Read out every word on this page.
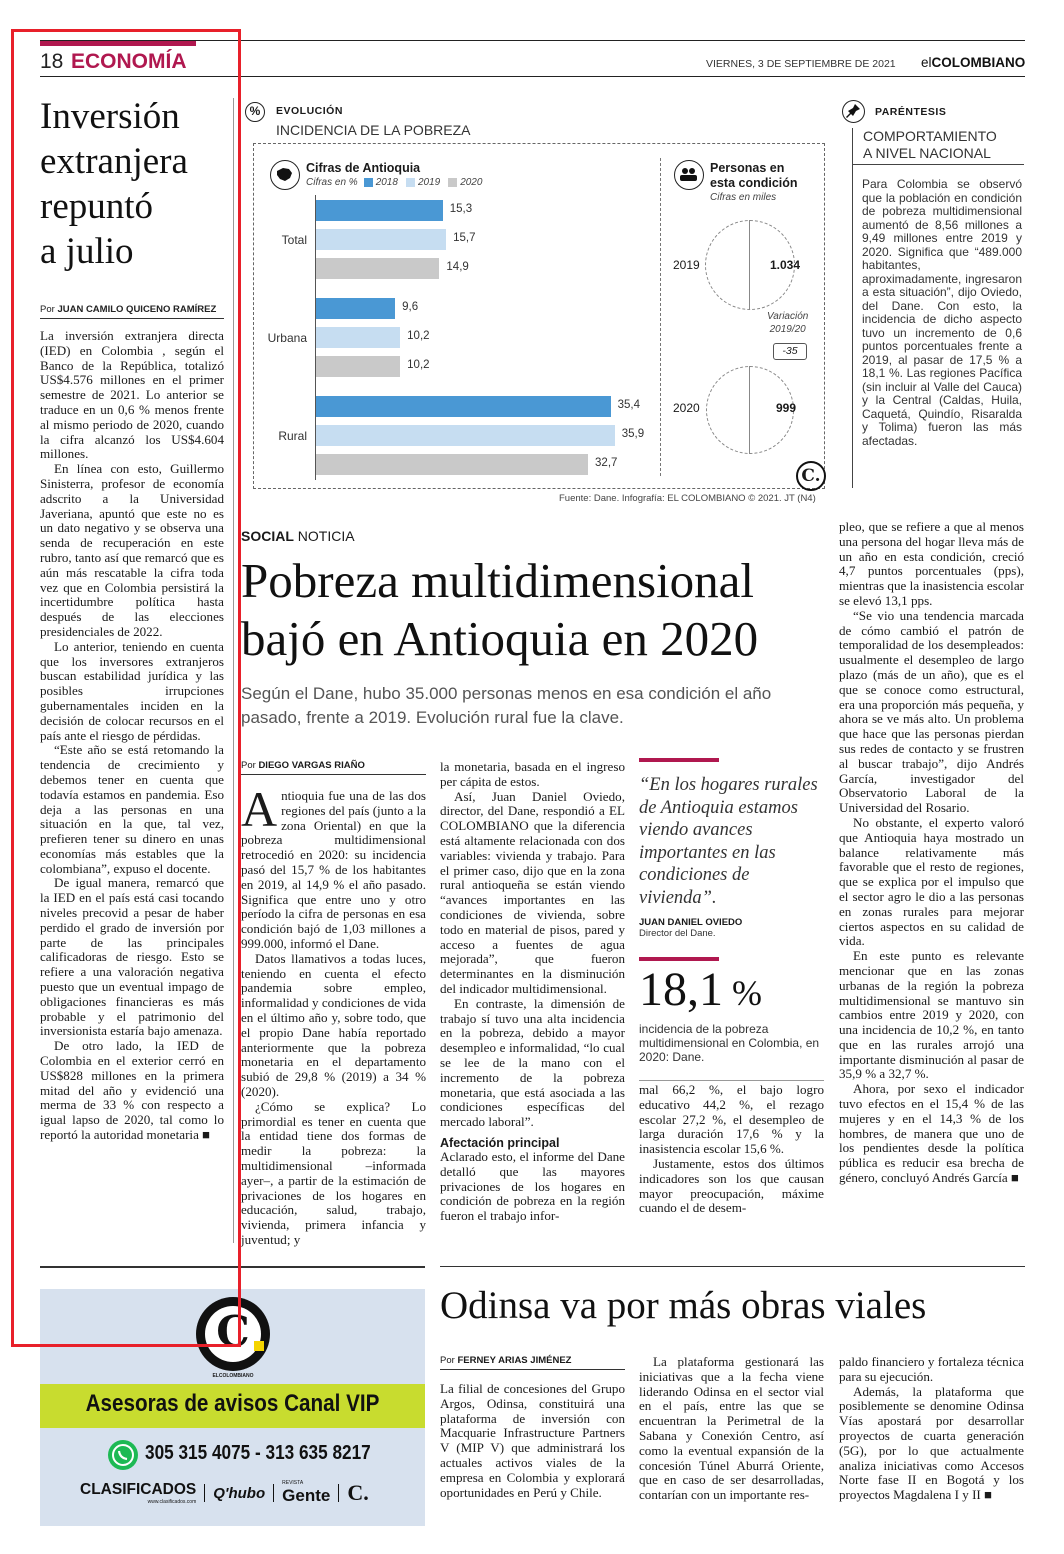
18 ECONOMÍA	VIERNES, 3 DE SEPTIEMBRE DE 2021 elCOLOMBIANO
Inversión
extranjera
repuntó
a julio
Por JUAN CAMILO QUICENO RAMÍREZ

La inversión extranjera directa (IED) en Colombia , según el Banco de la República, totalizó US$4.576 millones en el primer semestre de 2021. Lo anterior se traduce en un 0,6 % menos frente al mismo periodo de 2020, cuando la cifra alcanzó los US$4.604 millones.

En línea con esto, Guillermo Sinisterra, profesor de economía adscrito a la Universidad Javeriana, apuntó que este no es un dato negativo y se observa una senda de recuperación en este rubro, tanto así que remarcó que es aún más rescatable la cifra toda vez que en Colombia persistirá la incertidumbre política hasta después de las elecciones presidenciales de 2022.

Lo anterior, teniendo en cuenta que los inversores extranjeros buscan estabilidad jurídica y las posibles irrupciones gubernamentales inciden en la decisión de colocar recursos en el país ante el riesgo de pérdidas.

“Este año se está retomando la tendencia de crecimiento y debemos tener en cuenta que todavía estamos en pandemia. Eso deja a las personas en una situación en la que, tal vez, prefieren tener su dinero en unas economías más estables que la colombiana”, expuso el docente.

De igual manera, remarcó que la IED en el país está casi tocando niveles precovid a pesar de haber perdido el grado de inversión por parte de las principales calificadoras de riesgo. Esto se refiere a una valoración negativa puesto que un eventual impago de obligaciones financieras es más probable y el patrimonio del inversionista estaría bajo amenaza.

De otro lado, la IED de Colombia en el exterior cerró en US$828 millones en la primera mitad del año y evidenció una merma de 33 % con respecto a igual lapso de 2020, tal como lo reportó la autoridad monetaria ■

%	EVOLUCIÓN
INCIDENCIA DE LA POBREZA
Cifras de Antioquia
Cifras en % 2018 2019 2020
Total
15,3
15,7
14,9
Urbana
9,6
10,2
10,2
Rural
35,4
35,9
32,7
Personas en
esta condición
Cifras en miles
2019	1.034
Variación
2019/20
-35
2020	999
C.
Fuente: Dane. Infografía: EL COLOMBIANO © 2021. JT (N4)
PARÉNTESIS
COMPORTAMIENTO
A NIVEL NACIONAL
Para Colombia se observó que la población en condición de pobreza multidimensional aumentó de 8,56 millones a 9,49 millones entre 2019 y 2020. Significa que “489.000 habitantes, aproximadamente, ingresaron a esta situación”, dijo Oviedo, del Dane. Con esto, la incidencia de dicho aspecto tuvo un incremento de 0,6 puntos porcentuales frente a 2019, al pasar de 17,5 % a 18,1 %. Las regiones Pacífica (sin incluir al Valle del Cauca) y la Central (Caldas, Huila, Caquetá, Quindío, Risaralda y Tolima) fueron las más afectadas.
SOCIAL NOTICIA
Pobreza multidimensional
bajó en Antioquia en 2020
Según el Dane, hubo 35.000 personas menos en esa condición el año pasado, frente a 2019. Evolución rural fue la clave.
Por DIEGO VARGAS RIAÑO
A ntioquia fue una de las dos regiones del país (junto a la zona Oriental) en que la pobreza multidimensional retrocedió en 2020: su incidencia pasó del 15,7 % de los habitantes en 2019, al 14,9 % el año pasado. Significa que entre uno y otro período la cifra de personas en esa condición bajó de 1,03 millones a 999.000, informó el Dane.

Datos llamativos a todas luces, teniendo en cuenta el efecto pandemia sobre empleo, informalidad y condiciones de vida en el último año y, sobre todo, que el propio Dane había reportado anteriormente que la pobreza monetaria en el departamento subió de 29,8 % (2019) a 34 % (2020).

¿Cómo se explica? Lo primordial es tener en cuenta que la entidad tiene dos formas de medir la pobreza: la multidimensional –informada ayer–, a partir de la estimación de privaciones de los hogares en educación, salud, trabajo, vivienda, primera infancia y juventud; y

la monetaria, basada en el ingreso per cápita de estos.

Así, Juan Daniel Oviedo, director, del Dane, respondió a EL COLOMBIANO que la diferencia está altamente relacionada con dos variables: vivienda y trabajo. Para el primer caso, dijo que en la zona rural antioqueña se están viendo “avances importantes en las condiciones de vivienda, sobre todo en material de pisos, pared y acceso a fuentes de agua mejorada”, que fueron determinantes en la disminución del indicador multidimensional.

En contraste, la dimensión de trabajo sí tuvo una alta incidencia en la pobreza, debido a mayor desempleo e informalidad, “lo cual se lee de la mano con el incremento de la pobreza monetaria, que está asociada a las condiciones específicas del mercado laboral”.

Afectación principal

Aclarado esto, el informe del Dane detalló que las mayores privaciones de los hogares en condición de pobreza en la región fueron el trabajo infor-

“En los hogares rurales de Antioquia estamos viendo avances importantes en las condiciones de vivienda”.
JUAN DANIEL OVIEDO
Director del Dane.
18,1 %
incidencia de la pobreza multidimensional en Colombia, en 2020: Dane.

mal 66,2 %, el bajo logro educativo 44,2 %, el rezago escolar 27,2 %, el desempleo de larga duración 17,6 % y la inasistencia escolar 15,6 %.

Justamente, estos dos últimos indicadores son los que causan mayor preocupación, máxime cuando el de desem-

pleo, que se refiere a que al menos una persona del hogar lleva más de un año en esta condición, creció 4,7 puntos porcentuales (pps), mientras que la inasistencia escolar se elevó 13,1 pps.

“Se vio una tendencia marcada de cómo cambió el patrón de temporalidad de los desempleados: usualmente el desempleo de largo plazo (más de un año), que es el que se conoce como estructural, era una proporción más pequeña, y ahora se ve más alto. Un problema que hace que las personas pierdan sus redes de contacto y se frustren al buscar trabajo”, dijo Andrés García, investigador del Observatorio Laboral de la Universidad del Rosario.

No obstante, el experto valoró que Antioquia haya mostrado un balance relativamente más favorable que el resto de regiones, que se explica por el impulso que el sector agro le dio a las personas en zonas rurales para mejorar ciertos aspectos en su calidad de vida.

En este punto es relevante mencionar que en las zonas urbanas de la región la pobreza multidimensional se mantuvo sin cambios entre 2019 y 2020, con una incidencia de 10,2 %, en tanto que en las rurales arrojó una importante disminución al pasar de 35,9 % a 32,7 %.

Ahora, por sexo el indicador tuvo efectos en el 15,4 % de las mujeres y en el 14,3 % de los hombres, de manera que uno de los pendientes desde la política pública es reducir esa brecha de género, concluyó Andrés García ■

C
ELCOLOMBIANO
Asesoras de avisos Canal VIP
305 315 4075 - 313 635 8217
CLASIFICADOS
www.clasificados.com
Q'hubo
REVISTA
Gente C.
Odinsa va por más obras viales
Por FERNEY ARIAS JIMÉNEZ

La filial de concesiones del Grupo Argos, Odinsa, constituirá una plataforma de inversión con Macquarie Infrastructure Partners V (MIP V) que administrará los actuales activos viales de la empresa en Colombia y explorará oportunidades en Perú y Chile.

La plataforma gestionará las iniciativas que a la fecha viene liderando Odinsa en el sector vial en el país, entre las que se encuentran la Perimetral de la Sabana y Conexión Centro, así como la eventual expansión de la concesión Túnel Aburrá Oriente, que en caso de ser desarrolladas, contarían con un importante res-

paldo financiero y fortaleza técnica para su ejecución.

Además, la plataforma que posiblemente se denomine Odinsa Vías apostará por desarrollar proyectos de cuarta generación (5G), por lo que actualmente analiza iniciativas como Accesos Norte fase II en Bogotá y los proyectos Magdalena I y II ■
